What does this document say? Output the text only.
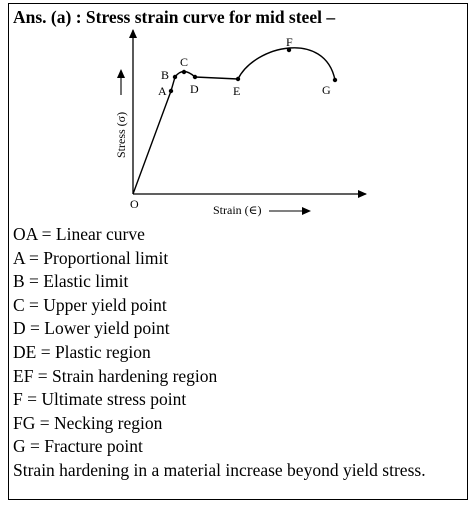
Ans. (a) : Stress strain curve for mid steel –
A
B
C
D	E
F
G
O
Stress (σ)
Strain (∈)
OA = Linear curve
A = Proportional limit
B = Elastic limit
C = Upper yield point
D = Lower yield point
DE = Plastic region
EF = Strain hardening region
F = Ultimate stress point
FG = Necking region
G = Fracture point
Strain hardening in a material increase beyond yield stress.
